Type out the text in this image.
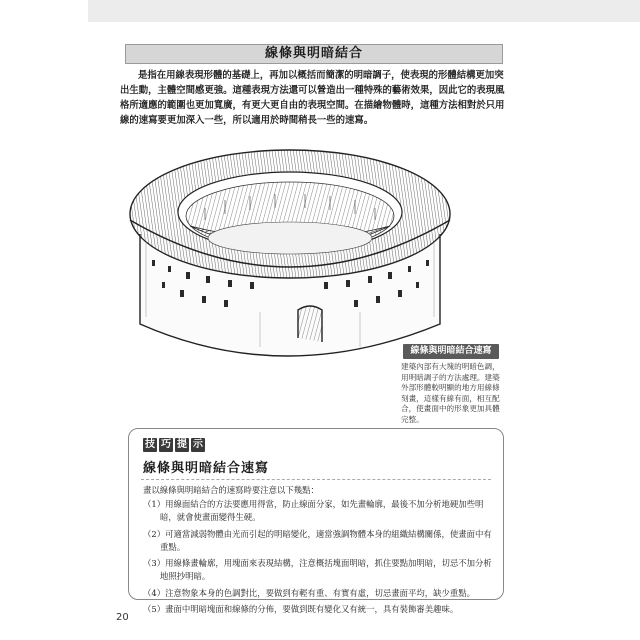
線條與明暗結合

是指在用線表現形體的基礎上，再加以概括而簡潔的明暗調子，使表現的形體結構更加突出生動，主體空間感更強。這種表現方法還可以營造出一種特殊的藝術效果，因此它的表現風格所適應的範圍也更加寬廣，有更大更自由的表現空間。在描繪物體時，這種方法相對於只用線的速寫要更加深入一些，所以適用於時間稍長一些的速寫。

線條與明暗結合速寫

建築內部有大塊的明暗色調，用明暗調子的方法處理。建築外部形體較明顯的地方用線條刻畫，這樣有線有面，相互配合，使畫面中的形象更加具體完整。

技 巧 提 示
線條與明暗結合速寫
畫以線條與明暗結合的速寫時要注意以下幾點：
（1）用線面結合的方法要應用得當，防止線面分家，如先畫輪廓，最後不加分析地硬加些明暗，就會使畫面變得生硬。
（2）可適當減弱物體由光而引起的明暗變化，適當強調物體本身的組織結構關係，使畫面中有重點。
（3）用線條畫輪廓，用塊面來表現結構，注意概括塊面明暗，抓住要點加明暗，切忌不加分析地照抄明暗。
（4）注意物象本身的色調對比，要做到有輕有重、有實有虛，切忌畫面平均，缺少重點。
（5）畫面中明暗塊面和線條的分佈，要做到既有變化又有統一，具有裝飾審美趣味。
20
